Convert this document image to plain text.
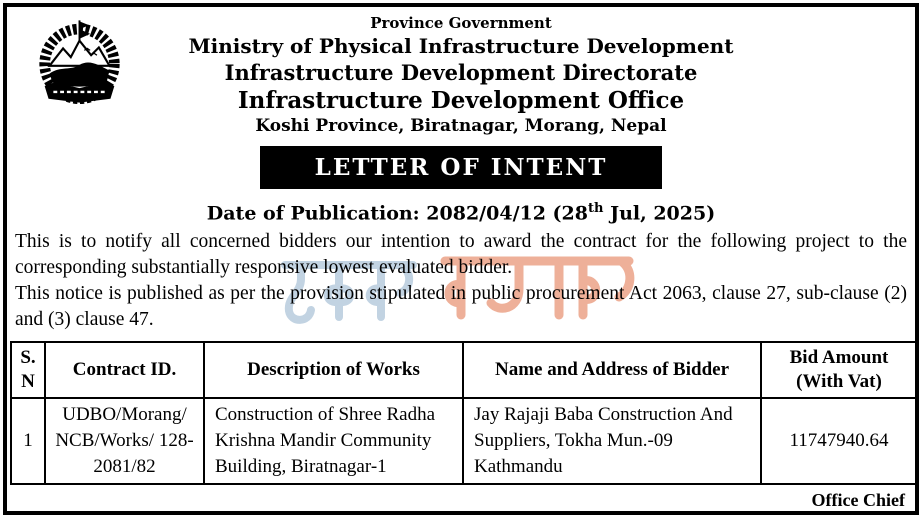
Province Government
Ministry of Physical Infrastructure Development
Infrastructure Development Directorate
Infrastructure Development Office
Koshi Province, Biratnagar, Morang, Nepal
LETTER OF INTENT
Date of Publication: 2082/04/12 (28th Jul, 2025)
This is to notify all concerned bidders our intention to award the contract for the following project to the corresponding substantially responsive lowest evaluated bidder.
This notice is published as per the provision stipulated in public procurement Act 2063, clause 27, sub-clause (2) and (3) clause 47.
S. N	Contract ID.	Description of Works	Name and Address of Bidder	Bid Amount (With Vat)
1	UDBO/Morang/ NCB/Works/ 128-2081/82	Construction of Shree Radha Krishna Mandir Community Building, Biratnagar-1	Jay Rajaji Baba Construction And Suppliers, Tokha Mun.-09 Kathmandu	11747940.64
Office Chief
